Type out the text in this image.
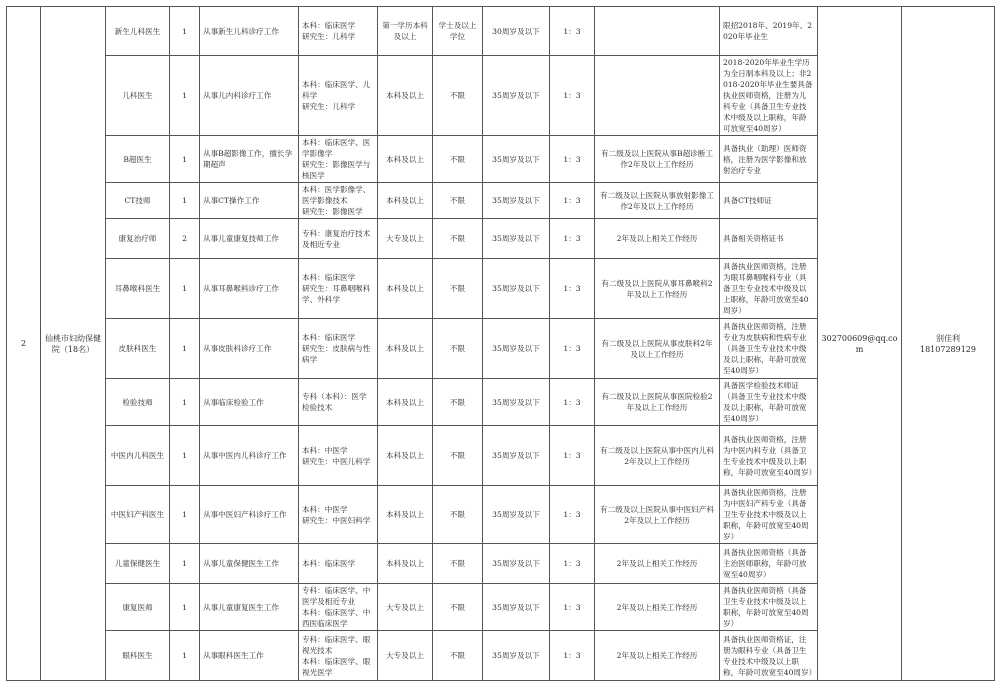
2	仙桃市妇幼保健院（18名）	新生儿科医生	1	从事新生儿科诊疗工作	本科：临床医学
研究生：儿科学	第一学历本科及以上	学士及以上学位	30周岁及以下	1：3		限招2018年、2019年、2020年毕业生	302700609@qq.com	别佳利
18107289129
		儿科医生	1	从事儿内科诊疗工作	本科：临床医学、儿科学
研究生：儿科学	本科及以上	不限	35周岁及以下	1：3		2018-2020年毕业生学历为全日制本科及以上；非2018-2020年毕业生要具备执业医师资格，注册为儿科专业（具备卫生专业技术中级及以上职称，年龄可放宽至40周岁）		
		B超医生	1	从事B超影像工作，擅长孕期超声	本科：临床医学、医学影像学
研究生：影像医学与核医学	本科及以上	不限	35周岁及以下	1：3	有二级及以上医院从事B超诊断工作2年及以上工作经历	具备执业（助理）医师资格，注册为医学影像和放射治疗专业		
		CT技师	1	从事CT操作工作	本科：医学影像学、医学影像技术
研究生：影像医学	本科及以上	不限	35周岁及以下	1：3	有二级及以上医院从事放射影像工作2年及以上工作经历	具备CT技师证		
		康复治疗师	2	从事儿童康复技师工作	专科：康复治疗技术及相近专业	大专及以上	不限	35周岁及以下	1：3	2年及以上相关工作经历	具备相关资格证书		
		耳鼻喉科医生	1	从事耳鼻喉科诊疗工作	本科：临床医学
研究生：耳鼻咽喉科学、外科学	本科及以上	不限	35周岁及以下	1：3	有二级及以上医院从事耳鼻喉科2年及以上工作经历	具备执业医师资格，注册为眼耳鼻咽喉科专业（具备卫生专业技术中级及以上职称，年龄可放宽至40周岁）		
		皮肤科医生	1	从事皮肤科诊疗工作	本科：临床医学
研究生：皮肤病与性病学	本科及以上	不限	35周岁及以下	1：3	有二级及以上医院从事皮肤科2年及以上工作经历	具备执业医师资格，注册专业为皮肤病和性病专业（具备卫生专业技术中级及以上职称，年龄可放宽至40周岁）		
		检验技师	1	从事临床检验工作	专科（本科）：医学检验技术	本科及以上	不限	35周岁及以下	1：3	有二级及以上医院从事医院检验2年及以上工作经历	具备医学检验技术师证（具备卫生专业技术中级及以上职称，年龄可放宽至40周岁）		
		中医内儿科医生	1	从事中医内儿科诊疗工作	本科：中医学
研究生：中医儿科学	本科及以上	不限	35周岁及以下	1：3	有二级及以上医院从事中医内儿科2年及以上工作经历	具备执业医师资格，注册为中医内科专业（具备卫生专业技术中级及以上职称，年龄可放宽至40周岁）		
		中医妇产科医生	1	从事中医妇产科诊疗工作	本科：中医学
研究生：中医妇科学	本科及以上	不限	35周岁及以下	1：3	有二级及以上医院从事中医妇产科2年及以上工作经历	具备执业医师资格，注册为中医妇产科专业（具备卫生专业技术中级及以上职称，年龄可放宽至40周岁）		
		儿童保健医生	1	从事儿童保健医生工作	本科：临床医学	本科及以上	不限	35周岁及以下	1：3	2年及以上相关工作经历	具备执业医师资格（具备主治医师职称，年龄可放宽至40周岁）		
		康复医师	1	从事儿童康复医生工作	专科：临床医学、中医学及相近专业
本科：临床医学、中西医临床医学	大专及以上	不限	35周岁及以下	1：3	2年及以上相关工作经历	具备执业医师资格（具备卫生专业技术中级及以上职称，年龄可放宽至40周岁）		
		眼科医生	1	从事眼科医生工作	专科：临床医学、眼视光技术
本科：临床医学、眼视光医学	大专及以上	不限	35周岁及以下	1：3	2年及以上相关工作经历	具备执业医师资格证，注册为眼科专业（具备卫生专业技术中级及以上职称，年龄可放宽至40周岁）		
